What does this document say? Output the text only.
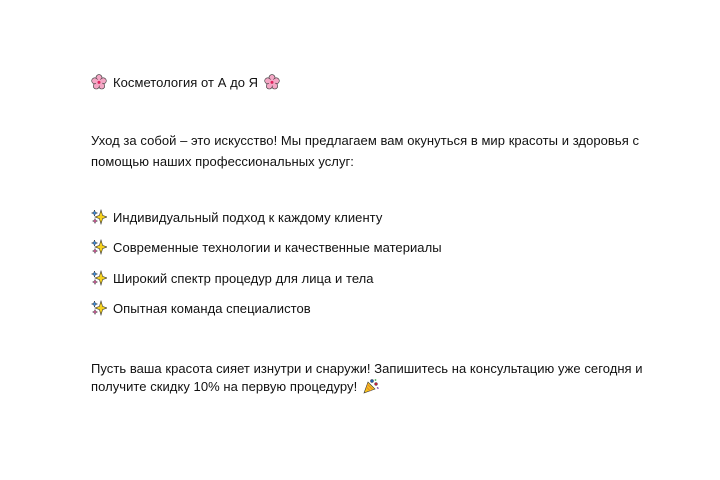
Косметология от А до Я
Уход за собой – это искусство! Мы предлагаем вам окунуться в мир красоты и здоровья с
помощью наших профессиональных услуг:
Индивидуальный подход к каждому клиенту
Современные технологии и качественные материалы
Широкий спектр процедур для лица и тела
Опытная команда специалистов
Пусть ваша красота сияет изнутри и снаружи! Запишитесь на консультацию уже сегодня и
получите скидку 10% на первую процедуру!
